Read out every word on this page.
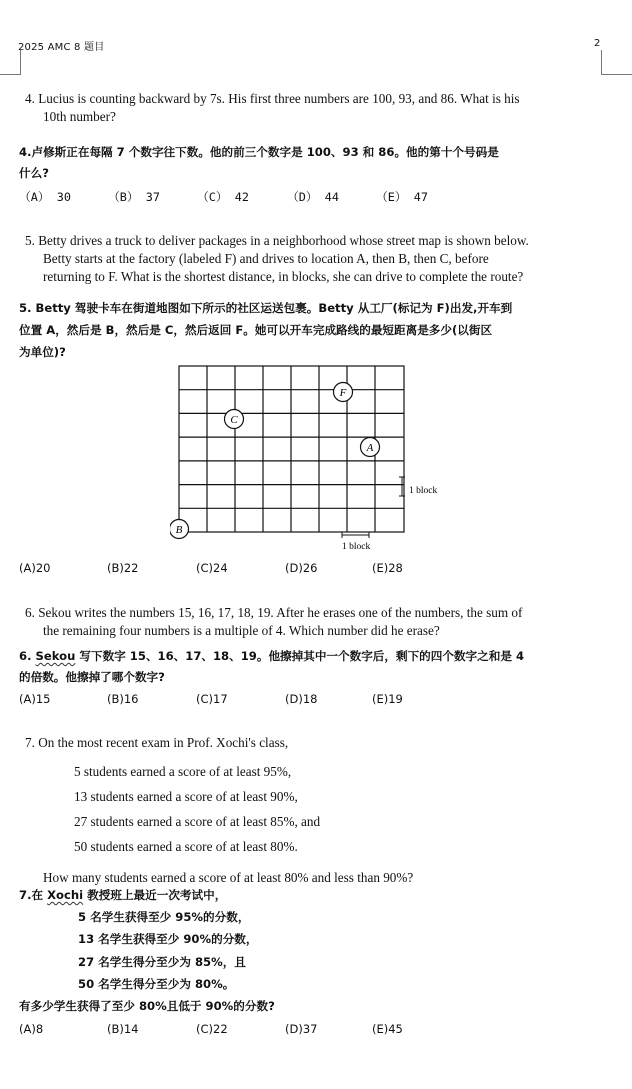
2025 AMC 8 题目	2
4. Lucius is counting backward by 7s. His first three numbers are 100, 93, and 86. What is his
10th number?
4.卢修斯正在每隔 7 个数字往下数。他的前三个数字是 100、93 和 86。他的第十个号码是
什么?
（A） 30	（B） 37	（C） 42	（D） 44	（E） 47
5. Betty drives a truck to deliver packages in a neighborhood whose street map is shown below.
Betty starts at the factory (labeled F) and drives to location A, then B, then C, before
returning to F. What is the shortest distance, in blocks, she can drive to complete the route?
5. Betty 驾驶卡车在街道地图如下所示的社区运送包裹。Betty 从工厂(标记为 F)出发,开车到
位置 A，然后是 B，然后是 C，然后返回 F。她可以开车完成路线的最短距离是多少(以街区
为单位)?
F
C
A
B
1 block
1 block
(A)20	(B)22	(C)24	(D)26	(E)28
6. Sekou writes the numbers 15, 16, 17, 18, 19. After he erases one of the numbers, the sum of
the remaining four numbers is a multiple of 4. Which number did he erase?
6. Sekou 写下数字 15、16、17、18、19。他擦掉其中一个数字后，剩下的四个数字之和是 4
的倍数。他擦掉了哪个数字?
(A)15	(B)16	(C)17	(D)18	(E)19
7. On the most recent exam in Prof. Xochi's class,
5 students earned a score of at least 95%,
13 students earned a score of at least 90%,
27 students earned a score of at least 85%, and
50 students earned a score of at least 80%.
How many students earned a score of at least 80% and less than 90%?
7.在 Xochi 教授班上最近一次考试中，
5 名学生获得至少 95%的分数，
13 名学生获得至少 90%的分数，
27 名学生得分至少为 85%，且
50 名学生得分至少为 80%。
有多少学生获得了至少 80%且低于 90%的分数?
(A)8	(B)14	(C)22	(D)37	(E)45
